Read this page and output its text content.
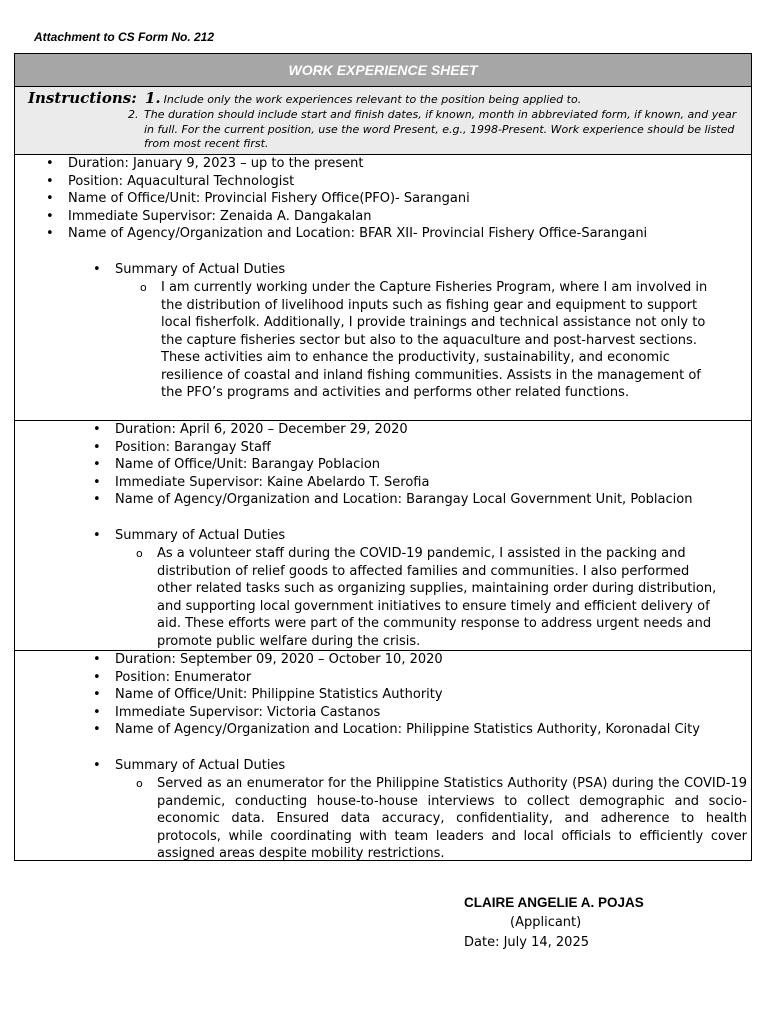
Attachment to CS Form No. 212
WORK EXPERIENCE SHEET
Instructions: 1. Include only the work experiences relevant to the position being applied to.
2. The duration should include start and finish dates, if known, month in abbreviated form, if known, and year
in full. For the current position, use the word Present, e.g., 1998-Present. Work experience should be listed
from most recent first.
• Duration: January 9, 2023 – up to the present
• Position: Aquacultural Technologist
• Name of Office/Unit: Provincial Fishery Office(PFO)- Sarangani
• Immediate Supervisor: Zenaida A. Dangakalan
• Name of Agency/Organization and Location: BFAR XII- Provincial Fishery Office-Sarangani
• Summary of Actual Duties
o I am currently working under the Capture Fisheries Program, where I am involved in
the distribution of livelihood inputs such as fishing gear and equipment to support
local fisherfolk. Additionally, I provide trainings and technical assistance not only to
the capture fisheries sector but also to the aquaculture and post-harvest sections.
These activities aim to enhance the productivity, sustainability, and economic
resilience of coastal and inland fishing communities. Assists in the management of
the PFO’s programs and activities and performs other related functions.
• Duration: April 6, 2020 – December 29, 2020
• Position: Barangay Staff
• Name of Office/Unit: Barangay Poblacion
• Immediate Supervisor: Kaine Abelardo T. Serofia
• Name of Agency/Organization and Location: Barangay Local Government Unit, Poblacion
• Summary of Actual Duties
o As a volunteer staff during the COVID-19 pandemic, I assisted in the packing and
distribution of relief goods to affected families and communities. I also performed
other related tasks such as organizing supplies, maintaining order during distribution,
and supporting local government initiatives to ensure timely and efficient delivery of
aid. These efforts were part of the community response to address urgent needs and
promote public welfare during the crisis.
• Duration: September 09, 2020 – October 10, 2020
• Position: Enumerator
• Name of Office/Unit: Philippine Statistics Authority
• Immediate Supervisor: Victoria Castanos
• Name of Agency/Organization and Location: Philippine Statistics Authority, Koronadal City
• Summary of Actual Duties
o Served as an enumerator for the Philippine Statistics Authority (PSA) during the COVID-19 pandemic, conducting house-to-house interviews to collect demographic and socio-economic data. Ensured data accuracy, confidentiality, and adherence to health protocols, while coordinating with team leaders and local officials to efficiently cover assigned areas despite mobility restrictions.
CLAIRE ANGELIE A. POJAS
(Applicant)
Date: July 14, 2025
